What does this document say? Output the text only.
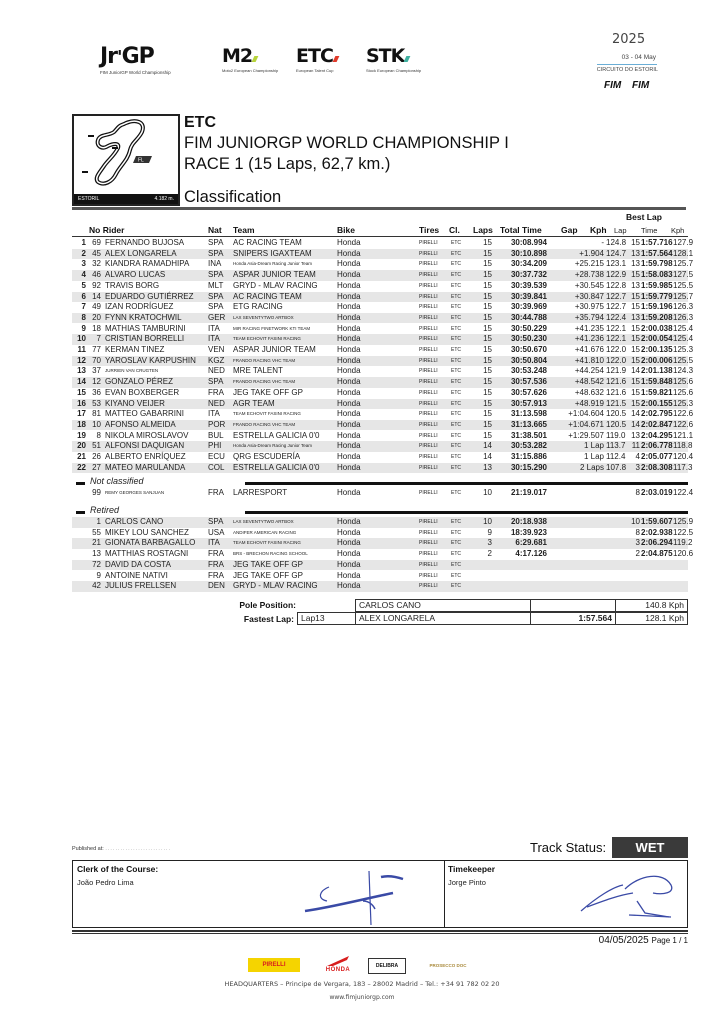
Jr'GP
FIM JuniorGP World Championship
M2
Moto2 European Championship
ETC
European Talent Cup
STK
Stock European Championship
2025
03 - 04 May
CIRCUITO DO ESTORIL
FIM FIM
FL
ESTORIL	4.182 m.
ETC
FIM JUNIORGP WORLD CHAMPIONSHIP I
RACE 1 (15 Laps, 62,7 km.)
Classification
Best Lap
No Rider	Nat Team	Bike	Tires Cl. Laps Total Time Gap Kph Lap Time Kph
1 69 FERNANDO BUJOSA	SPA	AC RACING TEAM	Honda	PIRELLI	ETC	15	30:08.994	- 124.8 15 1:57.716 127.9
2 45 ALEX LONGARELA	SPA	SNIPERS IGAXTEAM	Honda	PIRELLI	ETC	15	30:10.898	+1.904 124.7 13 1:57.564 128.1
3 32 KIANDRA RAMADHIPA	INA	Honda Asia-Dream Racing Junior Team	Honda	PIRELLI	ETC	15	30:34.209	+25.215 123.1 13 1:59.798 125.7
4 46 ALVARO LUCAS	SPA	ASPAR JUNIOR TEAM	Honda	PIRELLI	ETC	15	30:37.732	+28.738 122.9 15 1:58.083 127.5
5 92 TRAVIS BORG	MLT	GRYD - MLAV RACING	Honda	PIRELLI	ETC	15	30:39.539	+30.545 122.8 13 1:59.985 125.5
6 14 EDUARDO GUTIÉRREZ	SPA	AC RACING TEAM	Honda	PIRELLI	ETC	15	30:39.841	+30.847 122.7 15 1:59.779 125.7
7 49 IZAN RODRÍGUEZ	SPA	ETG RACING	Honda	PIRELLI	ETC	15	30:39.969	+30.975 122.7 15 1:59.196 126.3
8 20 FYNN KRATOCHWIL	GER	LAX SEVENTYTWO ARTBOX	Honda	PIRELLI	ETC	15	30:44.788	+35.794 122.4 13 1:59.208 126.3
9 18 MATHIAS TAMBURINI	ITA	MIR RACING FINETWORK KTI TEAM	Honda	PIRELLI	ETC	15	30:50.229	+41.235 122.1 15 2:00.038 125.4
10	7 CRISTIAN BORRELLI	ITA	TEAM ECHOVIT FASINI RACING	Honda	PIRELLI	ETC	15	30:50.230	+41.236 122.1 15 2:00.054 125.4
11 77 KERMAN TINEZ	VEN	ASPAR JUNIOR TEAM	Honda	PIRELLI	ETC	15	30:50.670	+41.676 122.0 15 2:00.135 125.3
12 70 YAROSLAV KARPUSHIN	KGZ	FRANDO RACING VHC TEAM	Honda	PIRELLI	ETC	15	30:50.804	+41.810 122.0 15 2:00.006 125.5
13 37 JURRIEN VAN CRUGTEN	NED	MRE TALENT	Honda	PIRELLI	ETC	15	30:53.248	+44.254 121.9 14 2:01.138 124.3
14 12 GONZALO PÉREZ	SPA	FRANDO RACING VHC TEAM	Honda	PIRELLI	ETC	15	30:57.536	+48.542 121.6 15 1:59.848 125.6
15 36 EVAN BOXBERGER	FRA	JEG TAKE OFF GP	Honda	PIRELLI	ETC	15	30:57.626	+48.632 121.6 15 1:59.821 125.6
16 53 KIYANO VEIJER	NED	AGR TEAM	Honda	PIRELLI	ETC	15	30:57.913	+48.919 121.5 15 2:00.155 125.3
17 81 MATTEO GABARRINI	ITA	TEAM ECHOVIT FASINI RACING	Honda	PIRELLI	ETC	15	31:13.598	+1:04.604 120.5 14 2:02.795 122.6
18 10 AFONSO ALMEIDA	POR	FRANDO RACING VHC TEAM	Honda	PIRELLI	ETC	15	31:13.665	+1:04.671 120.5 14 2:02.847 122.6
19	8 NIKOLA MIROSLAVOV	BUL	ESTRELLA GALICIA 0'0	Honda	PIRELLI	ETC	15	31:38.501	+1:29.507 119.0 13 2:04.295 121.1
20 51 ALFONSI DAQUIGAN	PHI	Honda Asia-Dream Racing Junior Team	Honda	PIRELLI	ETC	14	30:53.282	1 Lap 113.7 11 2:06.778 118.8
21 26 ALBERTO ENRÍQUEZ	ECU	QRG ESCUDERÍA	Honda	PIRELLI	ETC	14	31:15.886	1 Lap 112.4	4 2:05.077 120.4
22 27 MATEO MARULANDA	COL	ESTRELLA GALICIA 0'0	Honda	PIRELLI	ETC	13	30:15.290	2 Laps 107.8	3 2:08.308 117.3
99 REMY GEORGES SANJUAN	FRA	LARRESPORT	Honda	PIRELLI	ETC	10	21:19.017	8 2:03.019 122.4
1 CARLOS CANO	SPA	LAX SEVENTYTWO ARTBOX	Honda	PIRELLI	ETC	10	20:18.938	10 1:59.607 125.9
55 MIKEY LOU SANCHEZ	USA	ANDIFER AMERICAN RACING	Honda	PIRELLI	ETC	9	18:39.923	8 2:02.938 122.5
21 GIONATA BARBAGALLO	ITA	TEAM ECHOVIT FASINI RACING	Honda	PIRELLI	ETC	3	6:29.681	3 2:06.294 119.2
13 MATTHIAS ROSTAGNI	FRA	BRS - BRECHON RACING SCHOOL	Honda	PIRELLI	ETC	2	4:17.126	2 2:04.875 120.6
72 DAVID DA COSTA	FRA	JEG TAKE OFF GP	Honda	PIRELLI	ETC
9 ANTOINE NATIVI	FRA	JEG TAKE OFF GP	Honda	PIRELLI	ETC
42 JULIUS FRELLSEN	DEN	GRYD - MLAV RACING	Honda	PIRELLI	ETC
Not classified
Retired
Pole Position:	CARLOS CANO	140.8 Kph
Fastest Lap: Lap13	ALEX LONGARELA	1:57.564	128.1 Kph
Published at: ..........................	Track Status:	WET
Clerk of the Course:
João Pedro Lima
Timekeeper
Jorge Pinto
04/05/2025 Page 1 / 1
PIRELLI
HONDA
DELIBRA	PROSECCO DOC
HEADQUARTERS – Principe de Vergara, 183 – 28002 Madrid – Tel.: +34 91 782 02 20
www.fimjuniorgp.com
